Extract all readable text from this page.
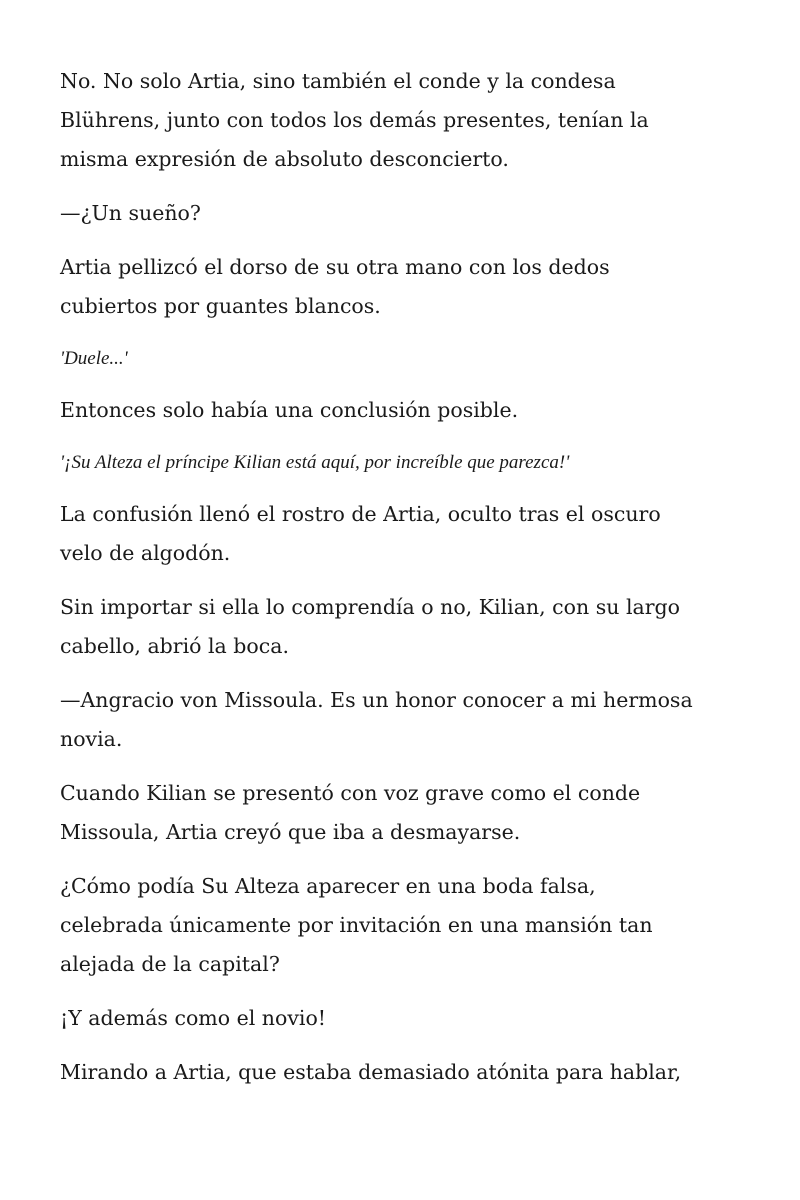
No. No solo Artia, sino también el conde y la condesa
Blührens, junto con todos los demás presentes, tenían la
misma expresión de absoluto desconcierto.

—¿Un sueño?

Artia pellizcó el dorso de su otra mano con los dedos
cubiertos por guantes blancos.

'Duele...'

Entonces solo había una conclusión posible.

'¡Su Alteza el príncipe Kilian está aquí, por increíble que parezca!'

La confusión llenó el rostro de Artia, oculto tras el oscuro
velo de algodón.

Sin importar si ella lo comprendía o no, Kilian, con su largo
cabello, abrió la boca.

—Angracio von Missoula. Es un honor conocer a mi hermosa
novia.

Cuando Kilian se presentó con voz grave como el conde
Missoula, Artia creyó que iba a desmayarse.

¿Cómo podía Su Alteza aparecer en una boda falsa,
celebrada únicamente por invitación en una mansión tan
alejada de la capital?

¡Y además como el novio!

Mirando a Artia, que estaba demasiado atónita para hablar,
